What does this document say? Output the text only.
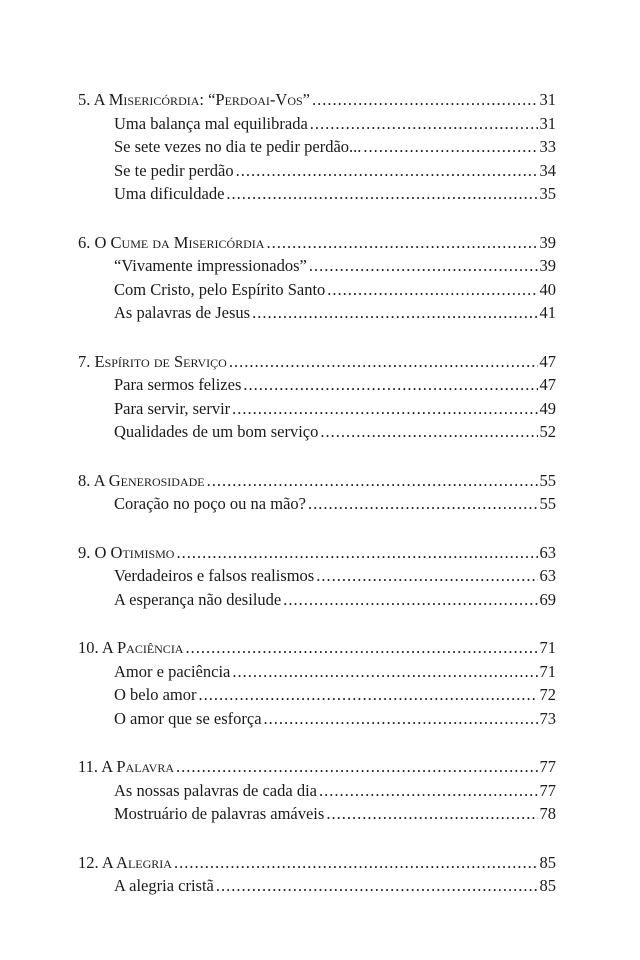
5. A Misericórdia: “Perdoai-Vos” .....	31
Uma balança mal equilibrada .....	31
Se sete vezes no dia te pedir perdão... .....	33
Se te pedir perdão .....	34
Uma dificuldade .....	35
6. O Cume da Misericórdia .....	39
“Vivamente impressionados” .....	39
Com Cristo, pelo Espírito Santo .....	40
As palavras de Jesus .....	41
7. Espírito de Serviço .....	47
Para sermos felizes .....	47
Para servir, servir .....	49
Qualidades de um bom serviço .....	52
8. A Generosidade .....	55
Coração no poço ou na mão? .....	55
9. O Otimismo .....	63
Verdadeiros e falsos realismos .....	63
A esperança não desilude .....	69
10. A Paciência .....	71
Amor e paciência .....	71
O belo amor .....	72
O amor que se esforça .....	73
11. A Palavra .....	77
As nossas palavras de cada dia .....	77
Mostruário de palavras amáveis .....	78
12. A Alegria .....	85
A alegria cristã .....	85
